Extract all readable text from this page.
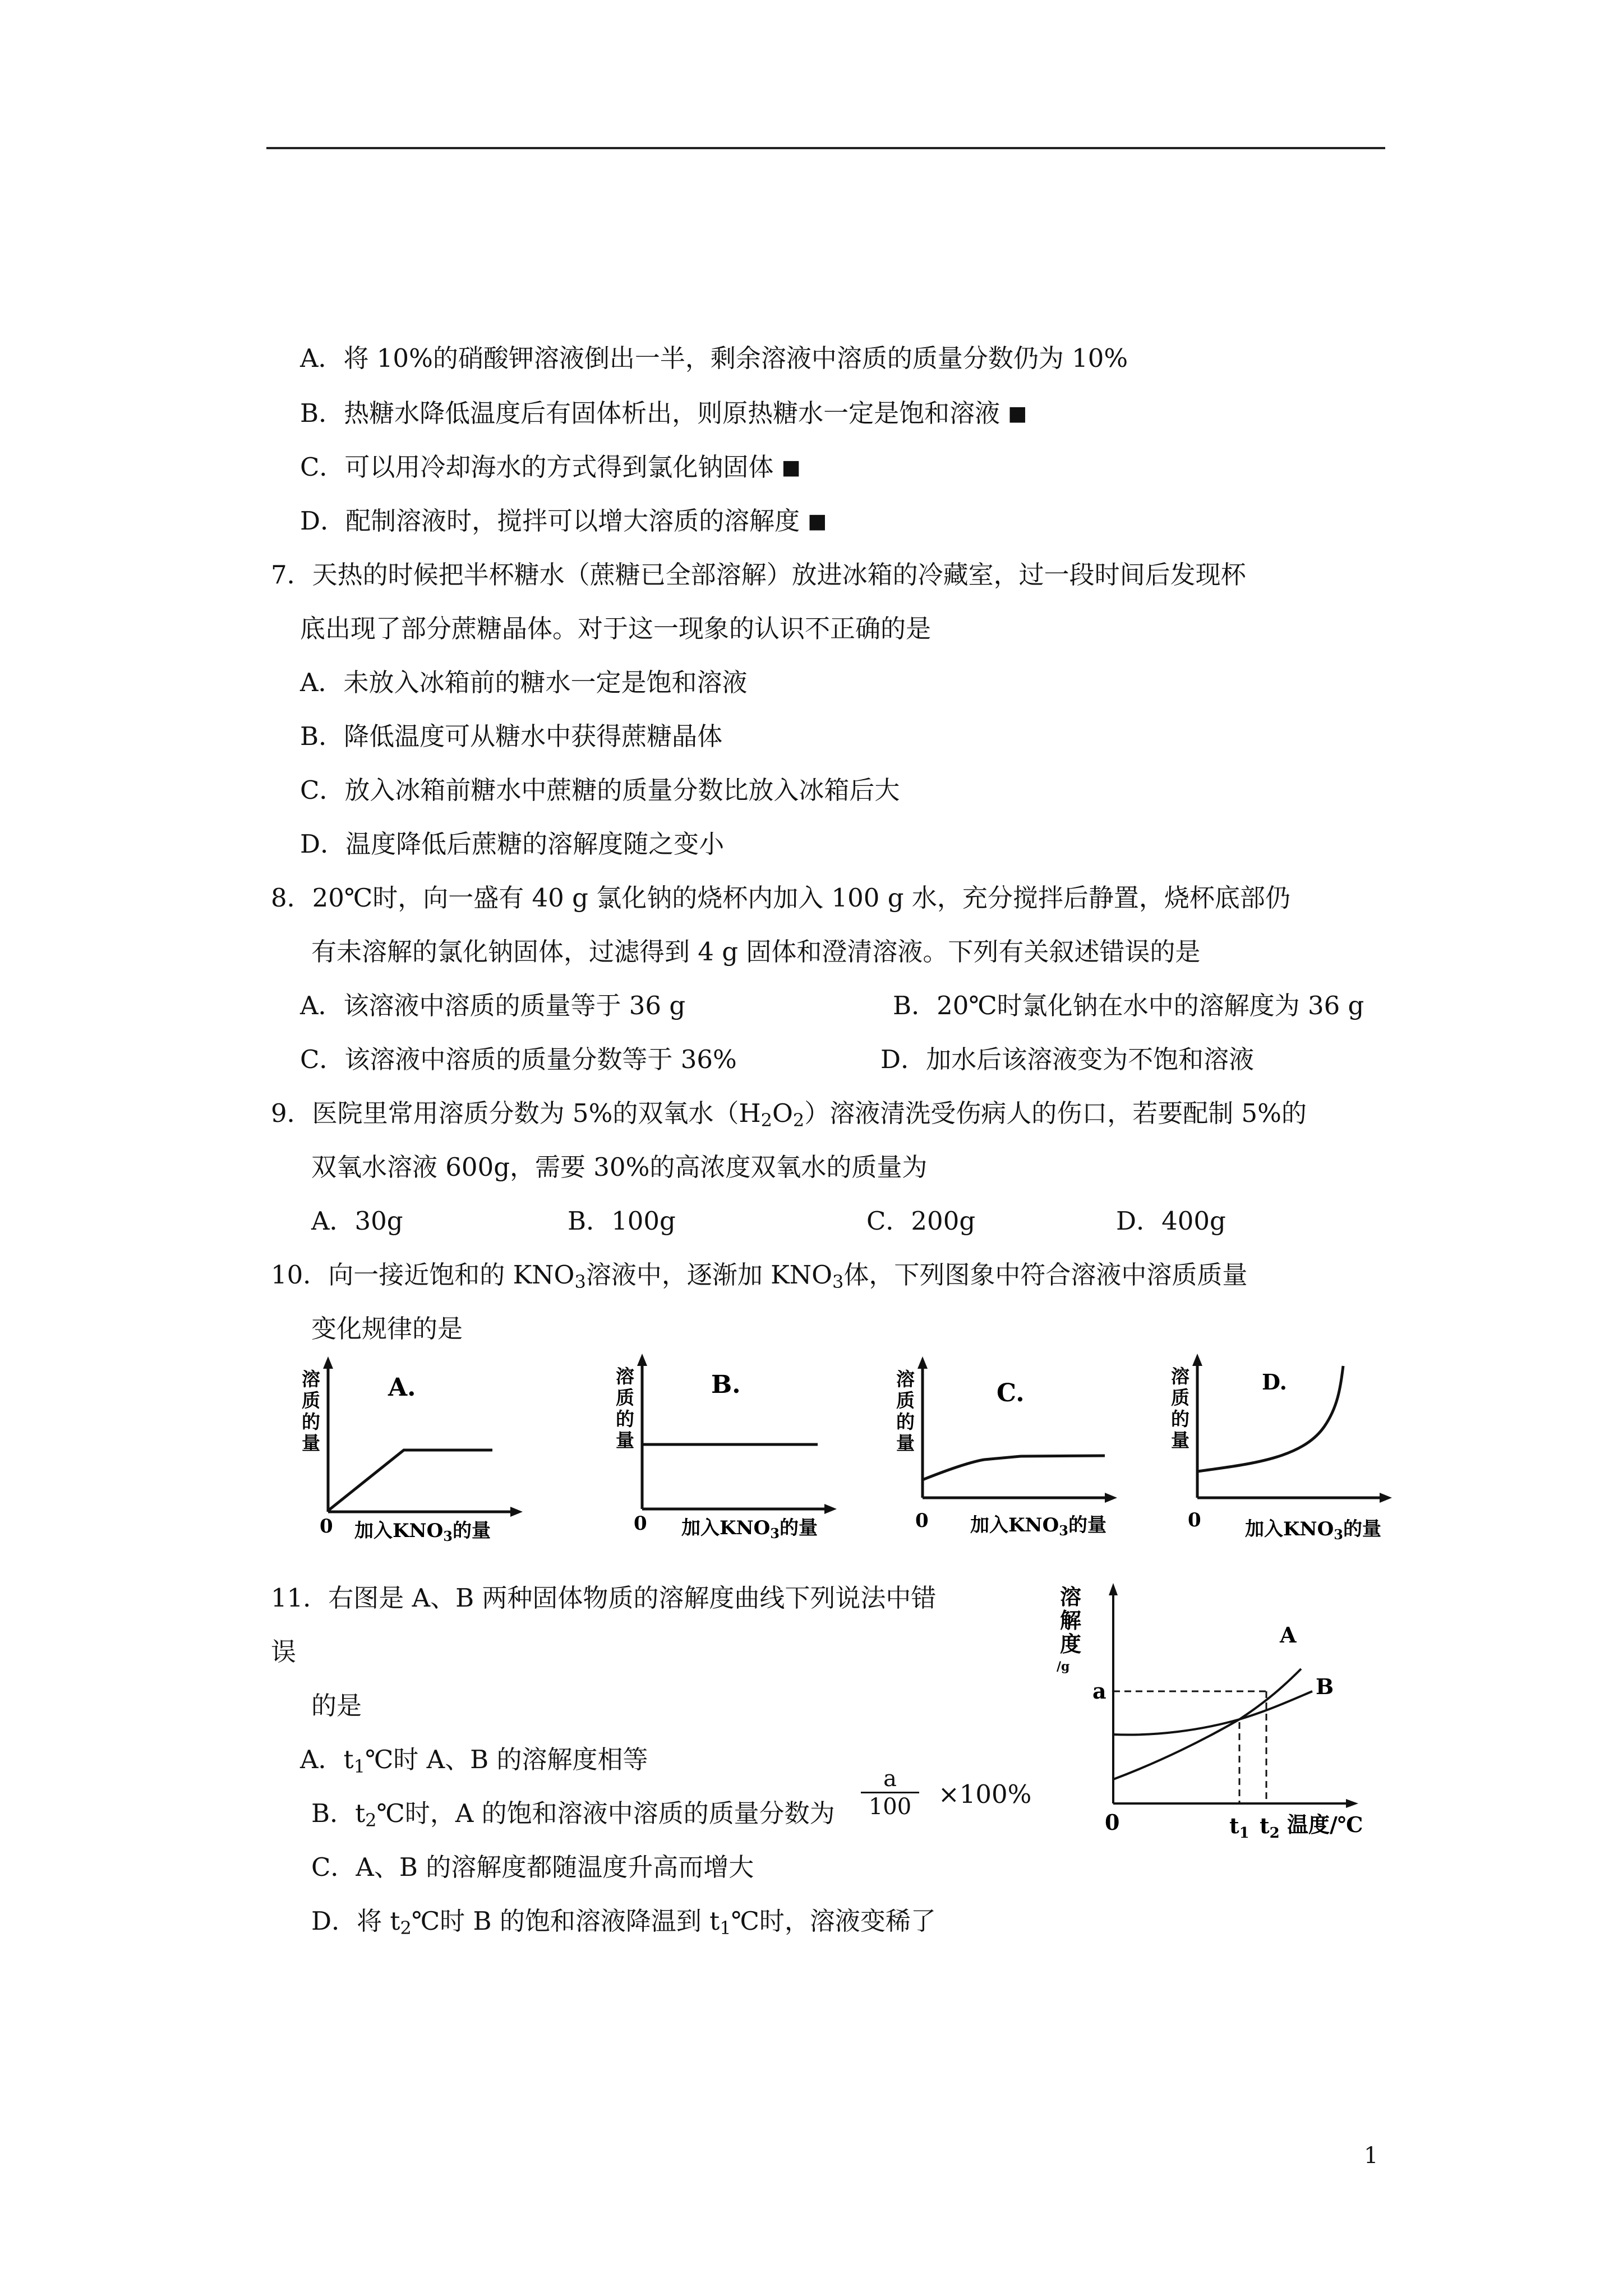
A．将 10%的硝酸钾溶液倒出一半，剩余溶液中溶质的质量分数仍为 10%
B．热糖水降低温度后有固体析出，则原热糖水一定是饱和溶液 ■
C．可以用冷却海水的方式得到氯化钠固体 ■
D．配制溶液时，搅拌可以增大溶质的溶解度 ■
7．天热的时候把半杯糖水（蔗糖已全部溶解）放进冰箱的冷藏室，过一段时间后发现杯
底出现了部分蔗糖晶体。对于这一现象的认识不正确的是
A．未放入冰箱前的糖水一定是饱和溶液
B．降低温度可从糖水中获得蔗糖晶体
C．放入冰箱前糖水中蔗糖的质量分数比放入冰箱后大
D．温度降低后蔗糖的溶解度随之变小
8．20℃时，向一盛有 40 g 氯化钠的烧杯内加入 100 g 水，充分搅拌后静置，烧杯底部仍
有未溶解的氯化钠固体，过滤得到 4 g 固体和澄清溶液。下列有关叙述错误的是
A．该溶液中溶质的质量等于 36 g	B．20℃时氯化钠在水中的溶解度为 36 g
C．该溶液中溶质的质量分数等于 36%	D．加水后该溶液变为不饱和溶液
9．医院里常用溶质分数为 5%的双氧水$(H_2O_2)$溶液清洗受伤病人的伤口，若要配制 5%的
双氧水溶液 600g，需要 30%的高浓度双氧水的质量为
A．30g	B．100g	C．200g	D．400g
10．向一接近饱和的 $KNO_3$溶液中，逐渐加 $KNO_3$体，下列图象中符合溶液中溶质质量
变化规律的是
溶
质
的
量
0 加入$KNO_3$的量
A.	溶
质
的
量
0 加入$KNO_3$的量
B.	溶
质
的
量
0 加入$KNO_3$的量
C.
溶
质
的
量
0 加入$KNO_3$的量
D.
11．右图是 A、B 两种固体物质的溶解度曲线下列说法中错
误
的是
A．$t_1℃$时 A、B 的溶解度相等
B．$t_2℃$时，A 的饱和溶液中溶质的质量分数为 $\frac{a}{100} \times 100\%$
C．A、B 的溶解度都随温度升高而增大
D．将 $t_2℃$时 B 的饱和溶液降温到 $t_1℃$时，溶液变稀了
溶
解
度
/g
a
A
B
0	$t_1$ $t_2$ 温度/℃
1
